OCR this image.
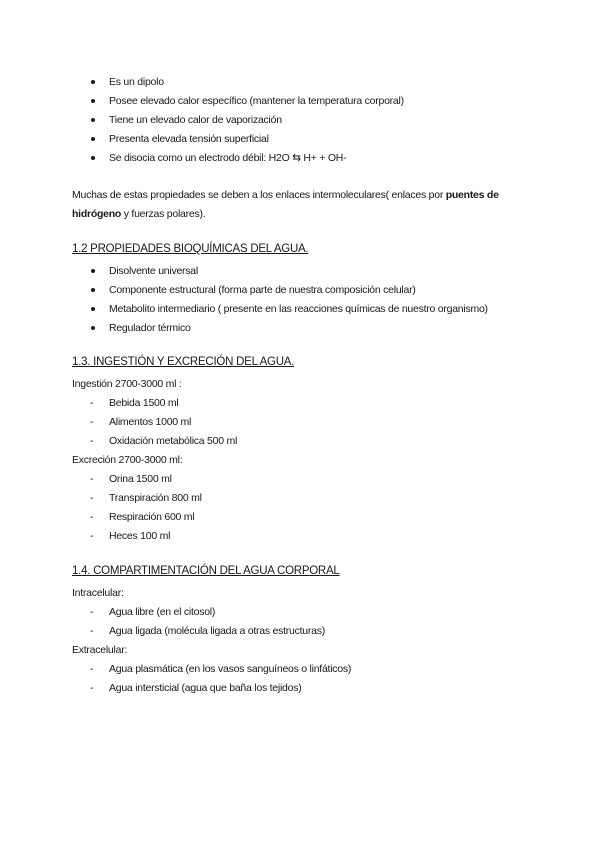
Es un dipolo
Posee elevado calor específico (mantener la temperatura corporal)
Tiene un elevado calor de vaporización
Presenta elevada tensión superficial
Se disocia como un electrodo débil: H2O ⇆ H+ + OH-
Muchas de estas propiedades se deben a los enlaces intermoleculares( enlaces por puentes de hidrógeno y fuerzas polares).
1.2 PROPIEDADES BIOQUÍMICAS DEL AGUA.
Disolvente universal
Componente estructural (forma parte de nuestra composición celular)
Metabolito intermediario ( presente en las reacciones químicas de nuestro organismo)
Regulador térmico
1.3. INGESTIÓN Y EXCRECIÓN DEL AGUA.
Ingestión 2700-3000 ml :
- Bebida 1500 ml
- Alimentos 1000 ml
- Oxidación metabólica 500 ml
Excreción 2700-3000 ml:
- Orina 1500 ml
- Transpiración 800 ml
- Respiración 600 ml
- Heces 100 ml
1.4. COMPARTIMENTACIÓN DEL AGUA CORPORAL
Intracelular:
- Agua libre (en el citosol)
- Agua ligada (molécula ligada a otras estructuras)
Extracelular:
- Agua plasmática (en los vasos sanguíneos o linfáticos)
- Agua intersticial (agua que baña los tejidos)
